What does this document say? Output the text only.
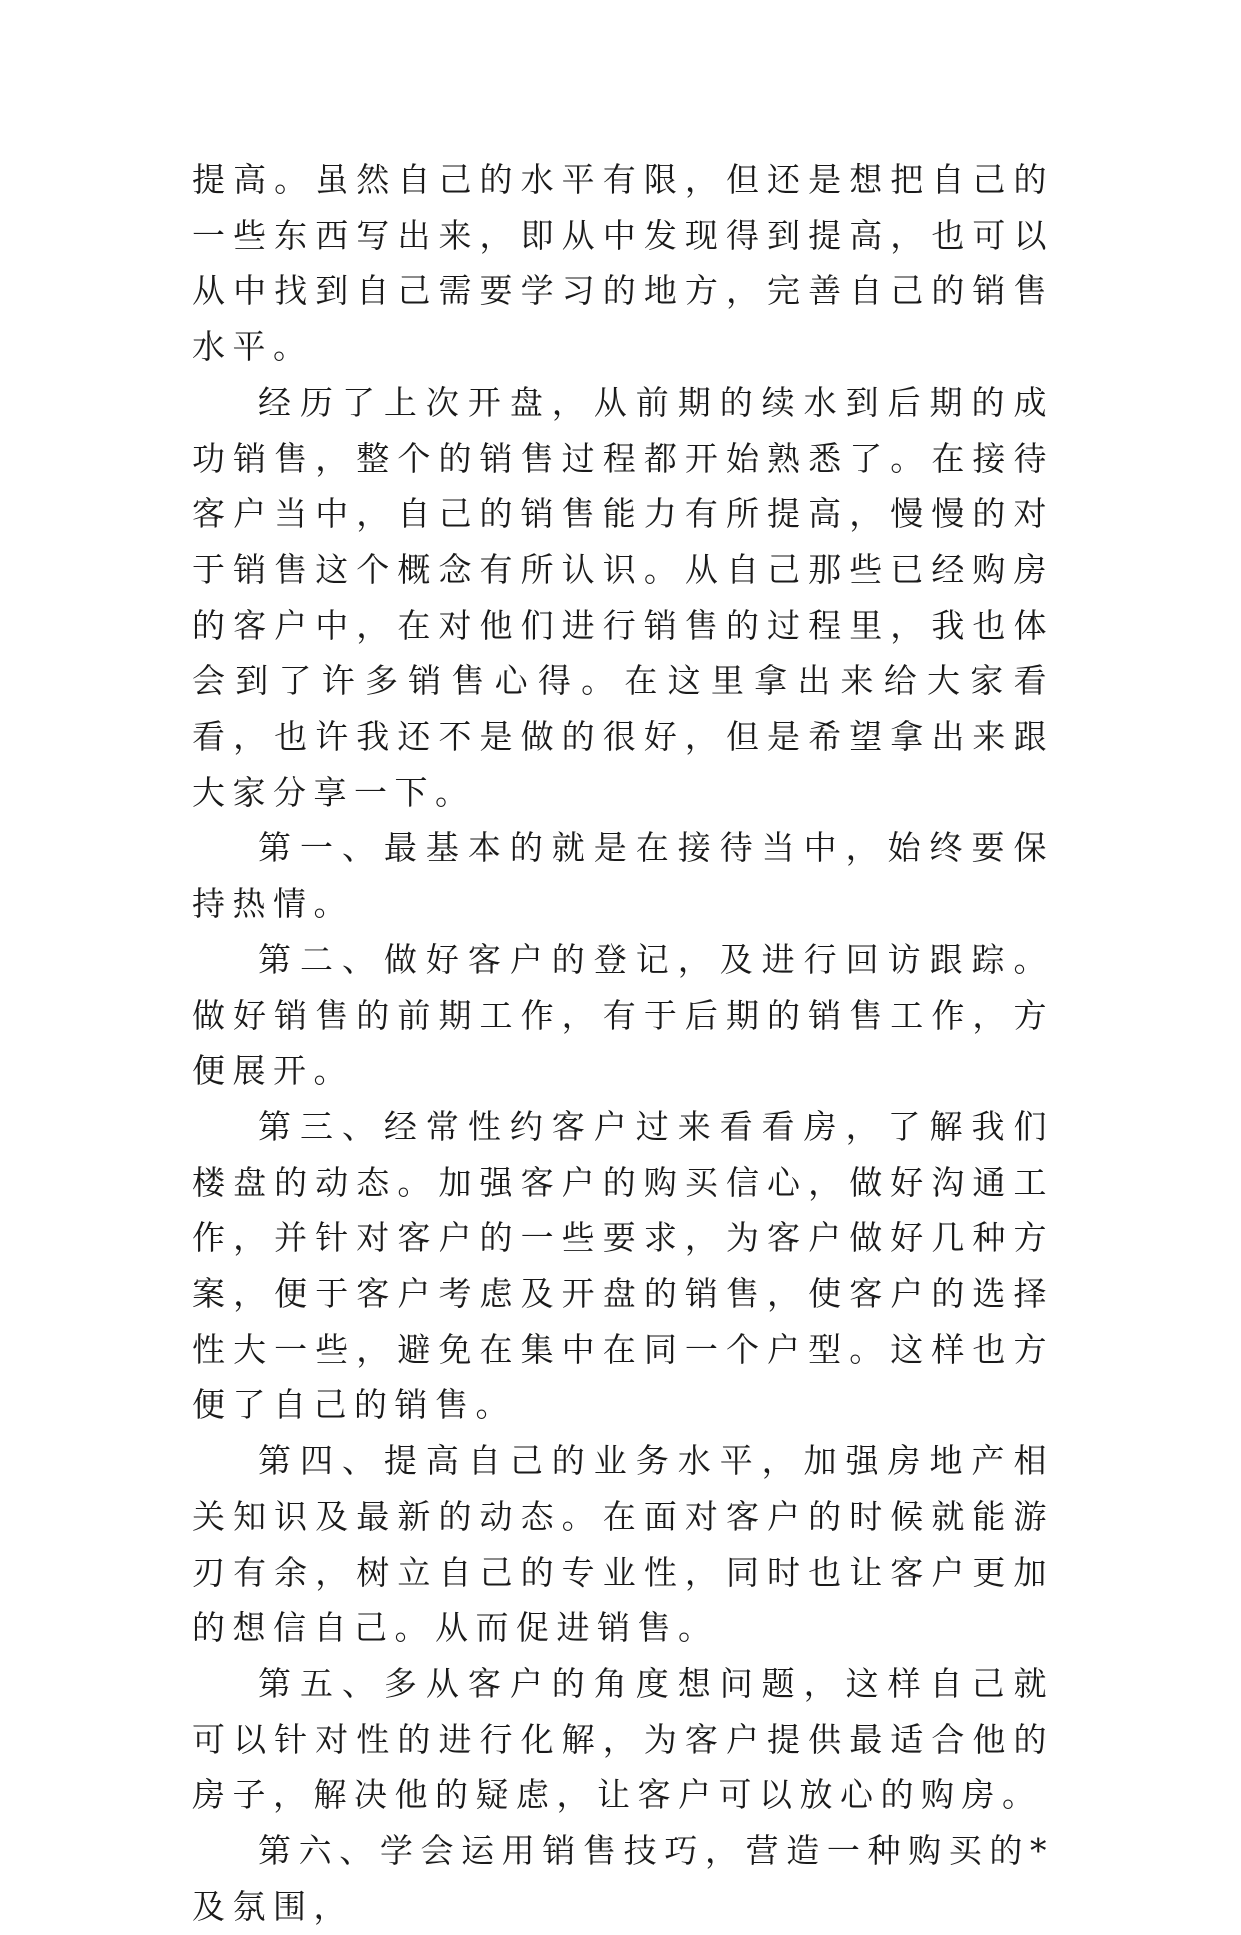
提高。虽然自己的水平有限，但还是想把自己的一些东西写出来，即从中发现得到提高，也可以从中找到自己需要学习的地方，完善自己的销售水平。

经历了上次开盘，从前期的续水到后期的成功销售，整个的销售过程都开始熟悉了。在接待客户当中，自己的销售能力有所提高，慢慢的对于销售这个概念有所认识。从自己那些已经购房的客户中，在对他们进行销售的过程里，我也体会到了许多销售心得。在这里拿出来给大家看看，也许我还不是做的很好，但是希望拿出来跟大家分享一下。

第一、最基本的就是在接待当中，始终要保持热情。

第二、做好客户的登记，及进行回访跟踪。做好销售的前期工作，有于后期的销售工作，方便展开。

第三、经常性约客户过来看看房，了解我们楼盘的动态。加强客户的购买信心，做好沟通工作，并针对客户的一些要求，为客户做好几种方案，便于客户考虑及开盘的销售，使客户的选择性大一些，避免在集中在同一个户型。这样也方便了自己的销售。

第四、提高自己的业务水平，加强房地产相关知识及最新的动态。在面对客户的时候就能游刃有余，树立自己的专业性，同时也让客户更加的想信自己。从而促进销售。

第五、多从客户的角度想问题，这样自己就可以针对性的进行化解，为客户提供最适合他的房子，解决他的疑虑，让客户可以放心的购房。

第六、学会运用销售技巧，营造一种购买的*及氛围，
